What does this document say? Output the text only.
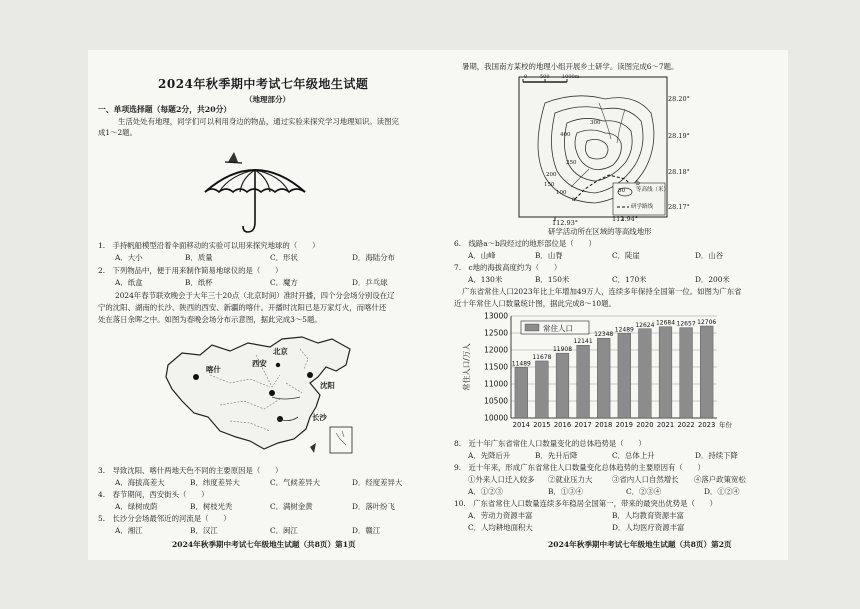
2024年秋季期中考试七年级地生试题
（地理部分）
一、单项选择题（每题2分，共20分）
生活处处有地理，同学们可以利用身边的物品，通过实验来探究学习地理知识。读图完
成1～2题。
1.　手持帆船模型沿着伞面移动的实验可以用来探究地球的（　　）
A．大小	B．质量	C．形状	D．海陆分布
2.　下列物品中，便于用来制作简易地球仪的是（　　）
A．纸盒	B．纸杯	C．魔方	D．乒乓球
2024年春节联欢晚会于大年三十20点（北京时间）准时开播，四个分会场分别设在辽
宁的沈阳、湖南的长沙、陕西的西安、新疆的喀什。开播时沈阳已是万家灯火，而喀什还
处在落日余晖之中。如图为春晚会场分布示意图，据此完成3～5题。
北京
西安
喀什
沈阳
长沙
3.　导致沈阳、喀什两地天色不同的主要原因是（　　）
A．海拔高差大	B．纬度差异大	C．气候差异大	D．经度差异大
4.　春节期间，西安街头（　　）
A．绿树成荫	B．树枝光秃	C．满树金黄	D．落叶纷飞
5.　长沙分会场最邻近的河流是（　　）
A．湘江	B．汉江	C．闽江	D．赣江
2024年秋季期中考试七年级地生试题（共8页）第1页
暑期，我国南方某校的地理小组开展乡土研学。读图完成6～7题。
0	500 1000m
28.20°
28.19°
28.18°
28.17°
112.93°	112.94°
300
400
250
200
150
100
a
b
50 等高线（米）
研学路线
研学活动所在区域的等高线地形
6.　线路a～b段经过的地形部位是（　　）
A．山峰	B．山脊	C．陡崖	D．山谷
7.　c地的海拔高度约为（　　）
A．130米	B．150米	C．170米	D．200米
广东省常住人口2023年比上年增加49万人，连续多年保持全国第一位。如图为广东省
近十年常住人口数量统计图，据此完成8～10题。
10000
10500
11000
11500
12000
12500
13000
11489
2014
11678
2015
11908
2016
12141
2017
12348
2018
12489
2019
12624
2020
12684
2021
12657
2022
12706
2023 年份
常住人口/万人
常住人口
8.　近十年广东省常住人口数量变化的总体趋势是（　　）
A．先降后升	B．先升后降	C．总体上升	D．持续下降
9.　近十年来，形成广东省常住人口数量变化总体趋势的主要原因有（　　）
①外来人口迁入较多 ②就业压力大	③省内人口自然增长 ④落户政策宽松
A．①②③	B．①③④	C．②③④	D．①②④
10.　广东省常住人口数量连续多年稳居全国第一，带来的最突出优势是（　　）
A．劳动力资源丰富	B．人均教育资源丰富
C．人均耕地面积大	D．人均医疗资源丰富
2024年秋季期中考试七年级地生试题（共8页）第2页
